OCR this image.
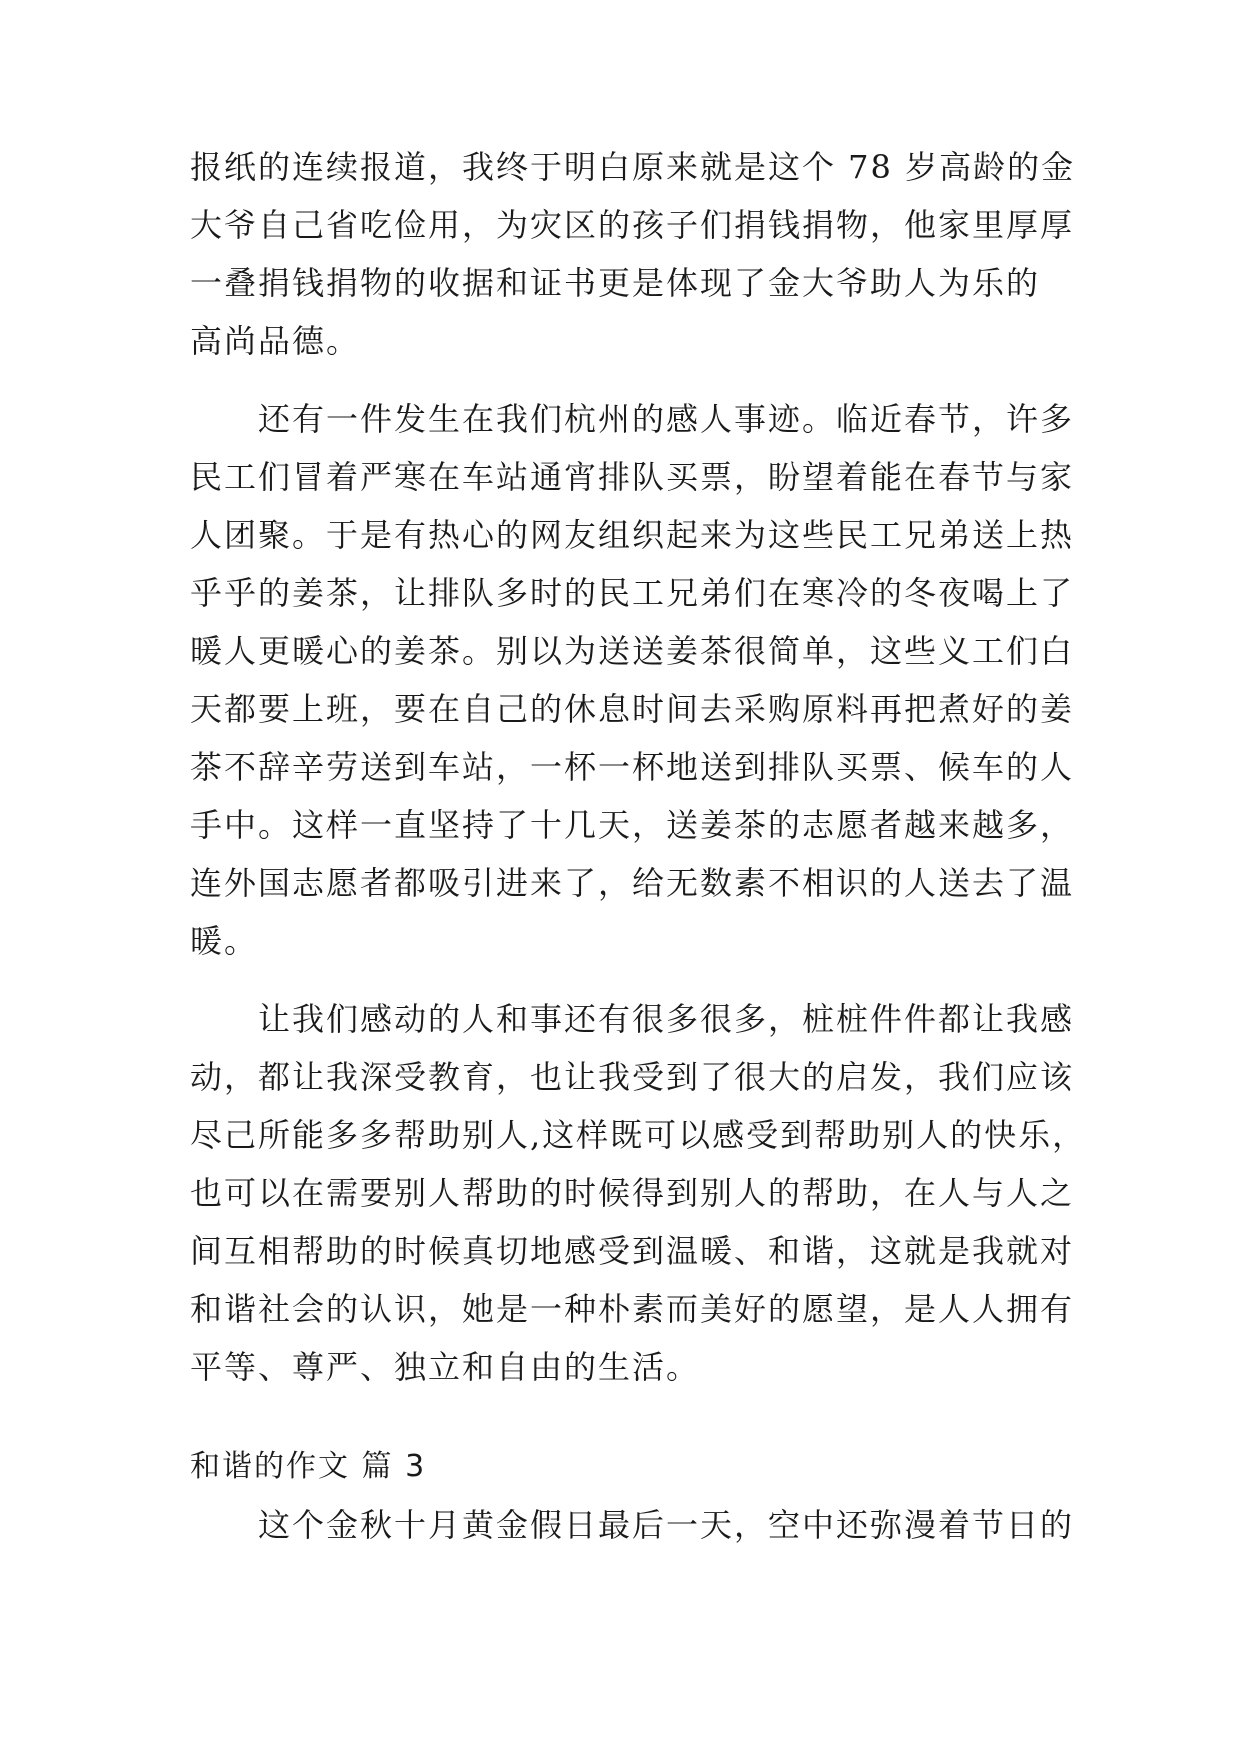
报纸的连续报道，我终于明白原来就是这个 78 岁高龄的金
大爷自己省吃俭用，为灾区的孩子们捐钱捐物，他家里厚厚
一叠捐钱捐物的收据和证书更是体现了金大爷助人为乐的
高尚品德。
还有一件发生在我们杭州的感人事迹。临近春节，许多
民工们冒着严寒在车站通宵排队买票，盼望着能在春节与家
人团聚。于是有热心的网友组织起来为这些民工兄弟送上热
乎乎的姜茶，让排队多时的民工兄弟们在寒冷的冬夜喝上了
暖人更暖心的姜茶。别以为送送姜茶很简单，这些义工们白
天都要上班，要在自己的休息时间去采购原料再把煮好的姜
茶不辞辛劳送到车站，一杯一杯地送到排队买票、候车的人
手中。这样一直坚持了十几天，送姜茶的志愿者越来越多，
连外国志愿者都吸引进来了，给无数素不相识的人送去了温
暖。
让我们感动的人和事还有很多很多，桩桩件件都让我感
动，都让我深受教育，也让我受到了很大的启发，我们应该
尽己所能多多帮助别人,这样既可以感受到帮助别人的快乐，
也可以在需要别人帮助的时候得到别人的帮助，在人与人之
间互相帮助的时候真切地感受到温暖、和谐，这就是我就对
和谐社会的认识，她是一种朴素而美好的愿望，是人人拥有
平等、尊严、独立和自由的生活。
和谐的作文 篇 3
这个金秋十月黄金假日最后一天，空中还弥漫着节日的
